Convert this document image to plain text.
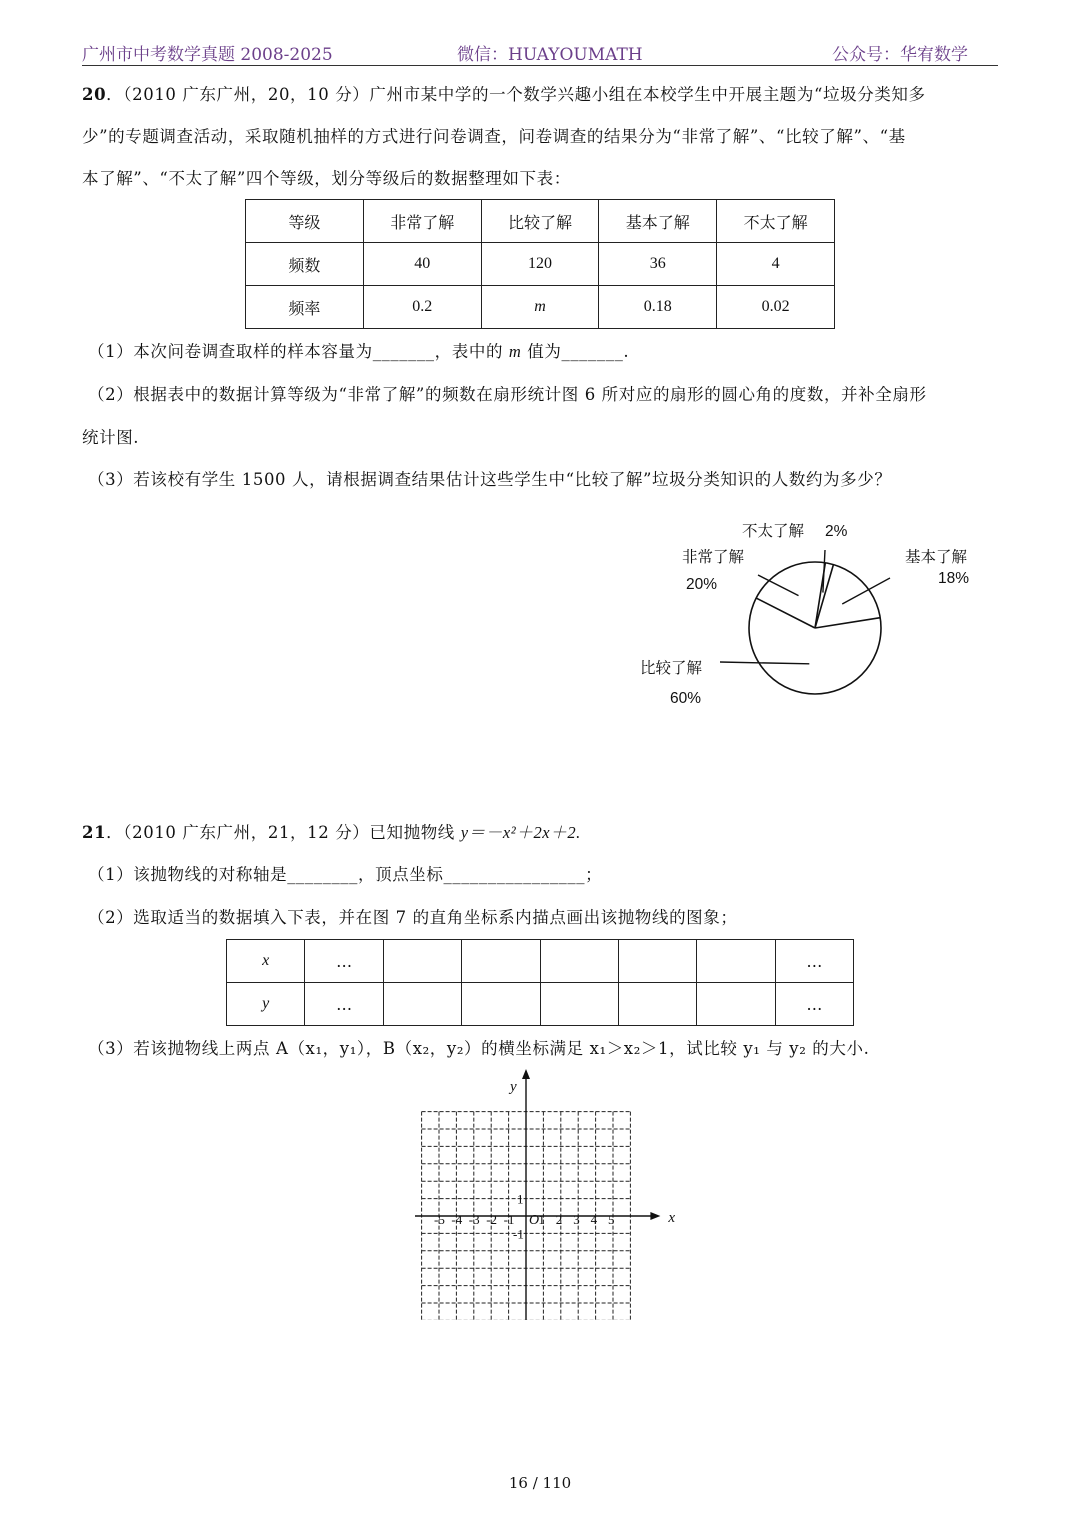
广州市中考数学真题 2008-2025	微信：HUAYOUMATH	公众号：华宥数学
20．（2010 广东广州，20，10 分）广州市某中学的一个数学兴趣小组在本校学生中开展主题为“垃圾分类知多
少”的专题调查活动，采取随机抽样的方式进行问卷调查，问卷调查的结果分为“非常了解”、“比较了解”、“基
本了解”、“不太了解”四个等级，划分等级后的数据整理如下表：
等级	非常了解	比较了解	基本了解	不太了解
频数	40	120	36	4
频率	0.2	m	0.18	0.02
（1）本次问卷调查取样的样本容量为_______，表中的 m 值为_______.
（2）根据表中的数据计算等级为“非常了解”的频数在扇形统计图 6 所对应的扇形的圆心角的度数，并补全扇形
统计图.
（3）若该校有学生 1500 人，请根据调查结果估计这些学生中“比较了解”垃圾分类知识的人数约为多少？
不太了解 2%
基本了解
18%
比较了解
60%
非常了解
20%
21．（2010 广东广州，21，12 分）已知抛物线 y＝－x²＋2x＋2.
（1）该抛物线的对称轴是________，顶点坐标________________；
（2）选取适当的数据填入下表，并在图 7 的直角坐标系内描点画出该抛物线的图象；
x	…						…
y	…						…
（3）若该抛物线上两点 A（x₁，y₁），B（x₂，y₂）的横坐标满足 x₁＞x₂＞1，试比较 y₁ 与 y₂ 的大小.
x
y
O
-5 -4 -3 -2 -1 1 2 3 4 5
1
-1
16 / 110
